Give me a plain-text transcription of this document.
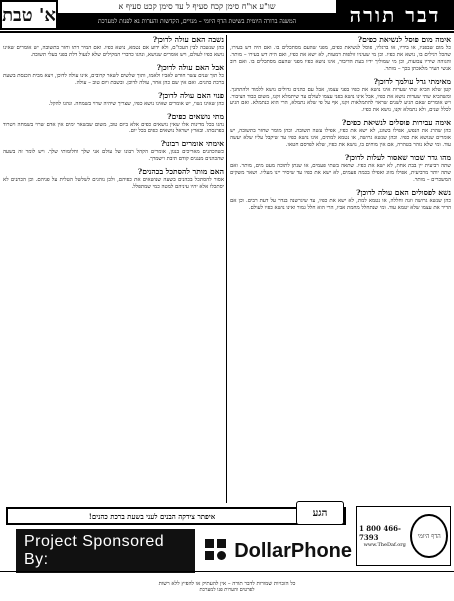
א' טבת	שו"ע או"ח סימן קכח סעיף ל עד סימן קכט סעיף א
המשנה ברורה היומית בשיטת הדף היומי – מנויים, הקדשות והערות נא לפנות למערכת	דבר תורה
אימה מום פוסל לנשיאת כפים?
כל מום שבפניו, או בידיו, או ברגליו, פוסל לנשיאת כפים, מפני שהעם מסתכלים בו. ואם היה דש בעירו, שהכל רגילים בו, נושא את כפיו. וכן מי שעיניו זולפות דמעות, לא ישא את כפיו, ואם היה דש בעירו – מותר. והגוהה שידיו צבועות, וכן מי שמוליך ידיו בעת הדיבור, אינו נושא כפיו מפני שהעם מסתכלים בו. ואם רוב אנשי העיר מלאכתן בכך – מותר.
מאימתי גדל עולמך לדוכן?
קטן שלא הביא שתי שערות אינו נושא את כפיו בפני עצמו, אבל עם כהנים גדולים נושא ללמוד ולהתחנך. ומשהביא שתי שערות נושא את כפיו, אבל אינו נושא בפני עצמו לעולם עד שיתמלא זקנו, משום כבוד הציבור. ויש אומרים שאם הגיע לשנים שראוי להתמלאות זקנו, אף על פי שלא נתמלא, הרי הוא כנתמלא. ואם הגיע לכלל שנים, ולא נתמלא זקנו, נושא את כפיו.
אימה עבירות פוסלים לנשיאת כפים?
כהן שהרג את הנפש, אפילו בשוגג, לא ישא את כפיו, אפילו עשה תשובה. וכהן מומר שחזר בתשובה, יש אומרים שנושא את כפיו. וכהן שנשא גרושה, או נטמא למתים, אינו נושא כפיו עד שיקבל עליו שלא יעשה עוד. ומי שלא נזהר בטהרה, אם אין מוחים בו, נושא את כפיו, שלא לפרסם חטאו.
מהו גדר שכור שאסור לעלות לדוכן?
שתה רביעית יין בבת אחת, לא ישא את כפיו. שתאה בשתי פעמים, או שנתן לתוכה מעט מים, מותר. ואם שתה יותר מרביעית, אפילו מזוג ואפילו בכמה פעמים, לא ישא את כפיו עד שיסיר יינו מעליו. ושאר משקים המשכרים – מותר.
נשא לפסולים האם עולה לדוכן?
כהן שנשא גרושה וזנה וחללה, או נטמא למת, לא ישא את כפיו, עד שיגרשנה בנדר על דעת רבים. וכן אם הדיר את עצמו שלא יטמא עוד. ומי שנתחלל מחמת אביו, הרי הוא חלל גמור ואינו נושא כפיו לעולם.
נשבה האם עולה לדוכן?
כהן שנשבה לבין העכו"ם, ולא ידוע אם נטמא, נושא כפיו. ואם המיר דתו וחזר בתשובה, יש אומרים שאינו נושא כפיו לעולם, ויש אומרים שנושא, ונהגו כדברי המקילים שלא לנעול דלת בפני בעלי תשובה.
אבל האם עולה לדוכן?
כל תוך שנים עשר חודש לאביו ולאמו, ותוך שלשים לשאר קרובים, אינו עולה לדוכן, ויצא מבית הכנסת בשעת ברכת כהנים. ואם אין שם כהן אחר, עולה לדוכן. ובשבת ויום טוב – עולה.
פנוי האם עולה לדוכן?
כהן שאינו נשוי, יש אומרים שאינו נושא כפיו, שצריך שיהיה שרוי בשמחה. ונהגו להקל.
מתי נושאים כפים?
נהגו בכל מדינות אלו שאין נושאים כפים אלא ביום טוב, משום שבשאר ימים אין אדם שרוי בשמחה ויטרוד בפרנסתו. ובארץ ישראל נושאים כפים בכל יום.
אימתי אומרים רבונו?
כשהכהנים מאריכים בנגון, אומרים הקהל רבונו של עולם אני שלך וחלומותי שלך. ויש לומר זה בשעה שהכהנים מנגנים קודם תיבת וישמרך.
האם מותר להסתכל בכהנים?
אסור להסתכל בכהנים בשעה שנושאים את כפיהם, ולכן נוהגים לשלשל הטלית על פניהם. וכן הכהנים לא יסתכלו אלא יהיו עיניהם למטה כמי שמתפלל.
איפתר צידקה הבנים לעני בשעת ברכת כהנים!	הגע
Project Sponsored By:	DollarPhone
1 800 466-7393
www.TheDaf.org
הדף היומי
כל הזכויות שמורות לדבר תורה – אין להעתיק או להפיץ ללא רשות
לפרטים והערות פנו למערכת
